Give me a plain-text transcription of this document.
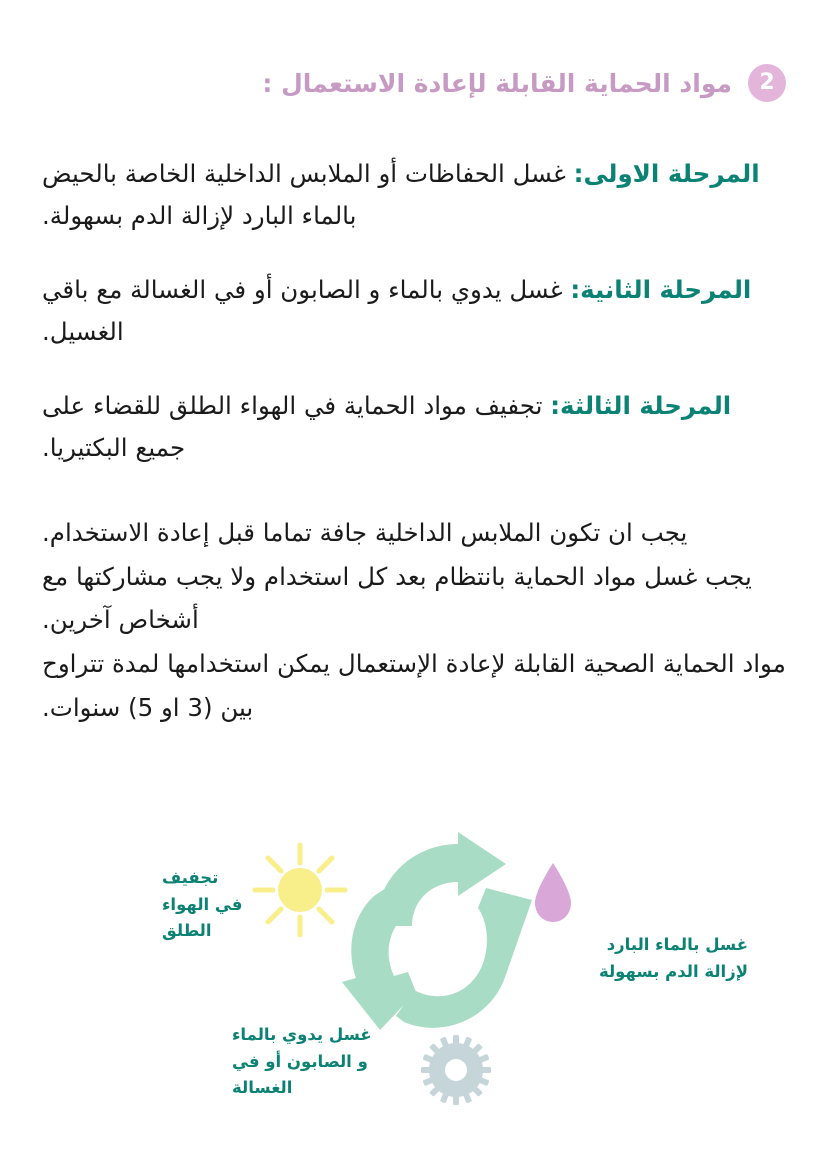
2
مواد الحماية القابلة لإعادة الاستعمال :

المرحلة الاولى: غسل الحفاظات أو الملابس الداخلية الخاصة بالحيض بالماء البارد لإزالة الدم بسهولة.

المرحلة الثانية: غسل يدوي بالماء و الصابون أو في الغسالة مع باقي الغسيل.

المرحلة الثالثة: تجفيف مواد الحماية في الهواء الطلق للقضاء على جميع البكتيريا.

يجب ان تكون الملابس الداخلية جافة تماما قبل إعادة الاستخدام.
يجب غسل مواد الحماية بانتظام بعد كل استخدام ولا يجب مشاركتها مع أشخاص آخرين.
مواد الحماية الصحية القابلة لإعادة الإستعمال يمكن استخدامها لمدة تتراوح بين (3 او 5) سنوات.
تجفيف
في الهواء
الطلق
غسل بالماء البارد
لإزالة الدم بسهولة
غسل يدوي بالماء
و الصابون أو في
الغسالة
